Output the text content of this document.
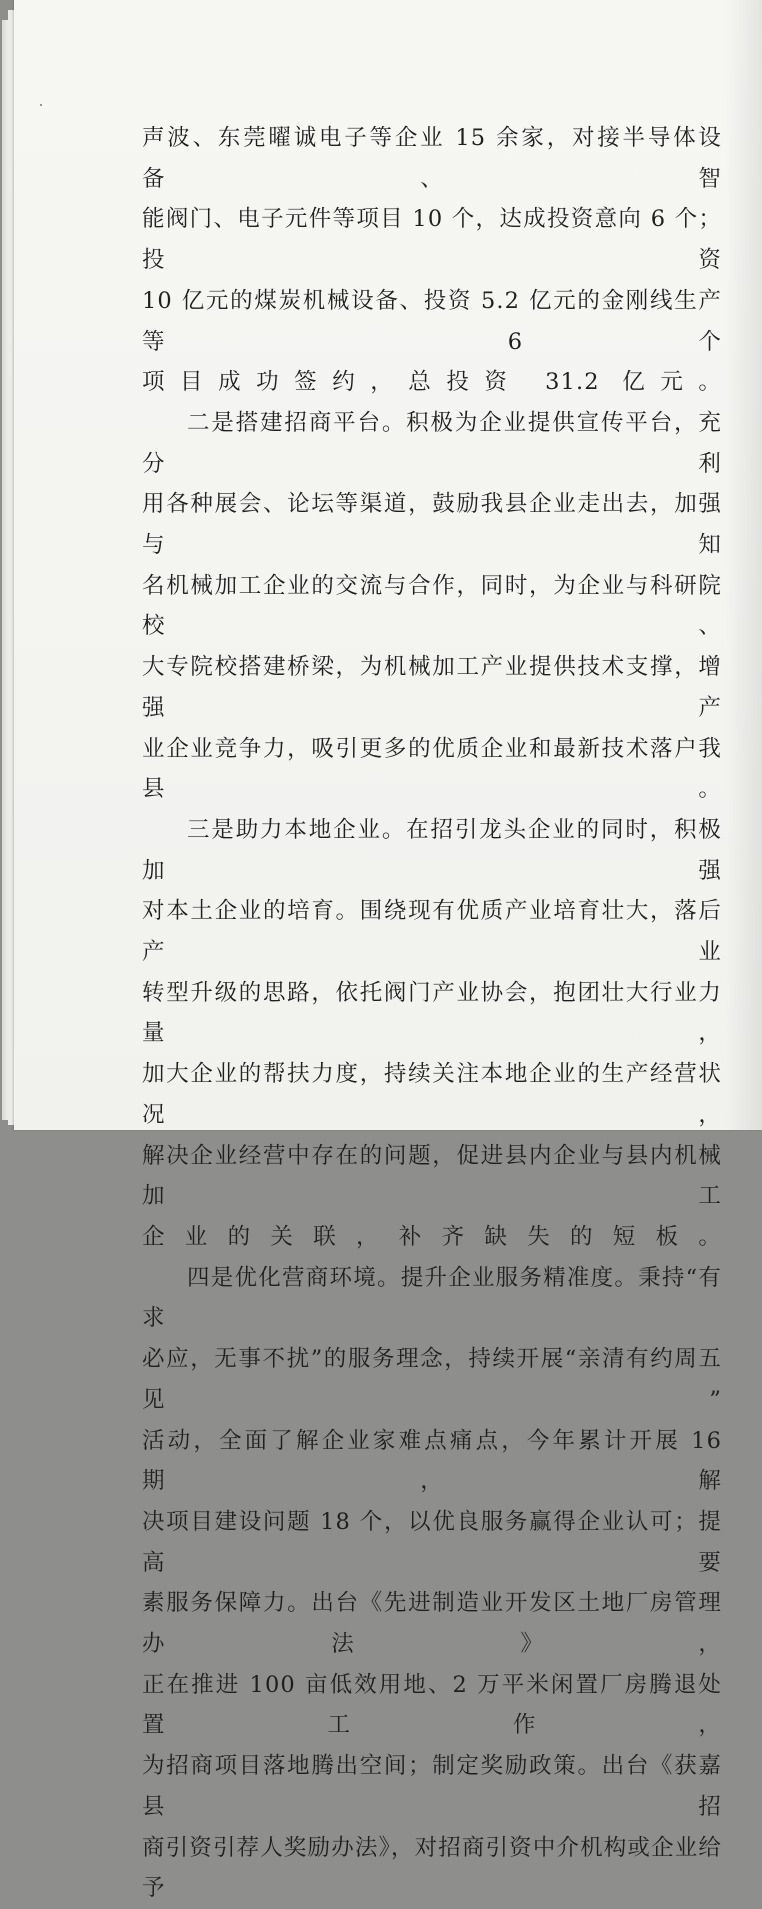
声波、东莞曜诚电子等企业 15 余家，对接半导体设备、智
能阀门、电子元件等项目 10 个，达成投资意向 6 个；投资
10 亿元的煤炭机械设备、投资 5.2 亿元的金刚线生产等 6 个
项目成功签约，总投资 31.2 亿元。

二是搭建招商平台。积极为企业提供宣传平台，充分利
用各种展会、论坛等渠道，鼓励我县企业走出去，加强与知
名机械加工企业的交流与合作，同时，为企业与科研院校、
大专院校搭建桥梁，为机械加工产业提供技术支撑，增强产
业企业竞争力，吸引更多的优质企业和最新技术落户我县。

三是助力本地企业。在招引龙头企业的同时，积极加强
对本土企业的培育。围绕现有优质产业培育壮大，落后产业
转型升级的思路，依托阀门产业协会，抱团壮大行业力量，
加大企业的帮扶力度，持续关注本地企业的生产经营状况，
解决企业经营中存在的问题，促进县内企业与县内机械加工
企业的关联，补齐缺失的短板。

四是优化营商环境。提升企业服务精准度。秉持“有求
必应，无事不扰”的服务理念，持续开展“亲清有约周五见”
活动，全面了解企业家难点痛点，今年累计开展 16 期，解
决项目建设问题 18 个，以优良服务赢得企业认可；提高要
素服务保障力。出台《先进制造业开发区土地厂房管理办法》，
正在推进 100 亩低效用地、2 万平米闲置厂房腾退处置工作，
为招商项目落地腾出空间；制定奖励政策。出台《获嘉县招
商引资引荐人奖励办法》，对招商引资中介机构或企业给予
